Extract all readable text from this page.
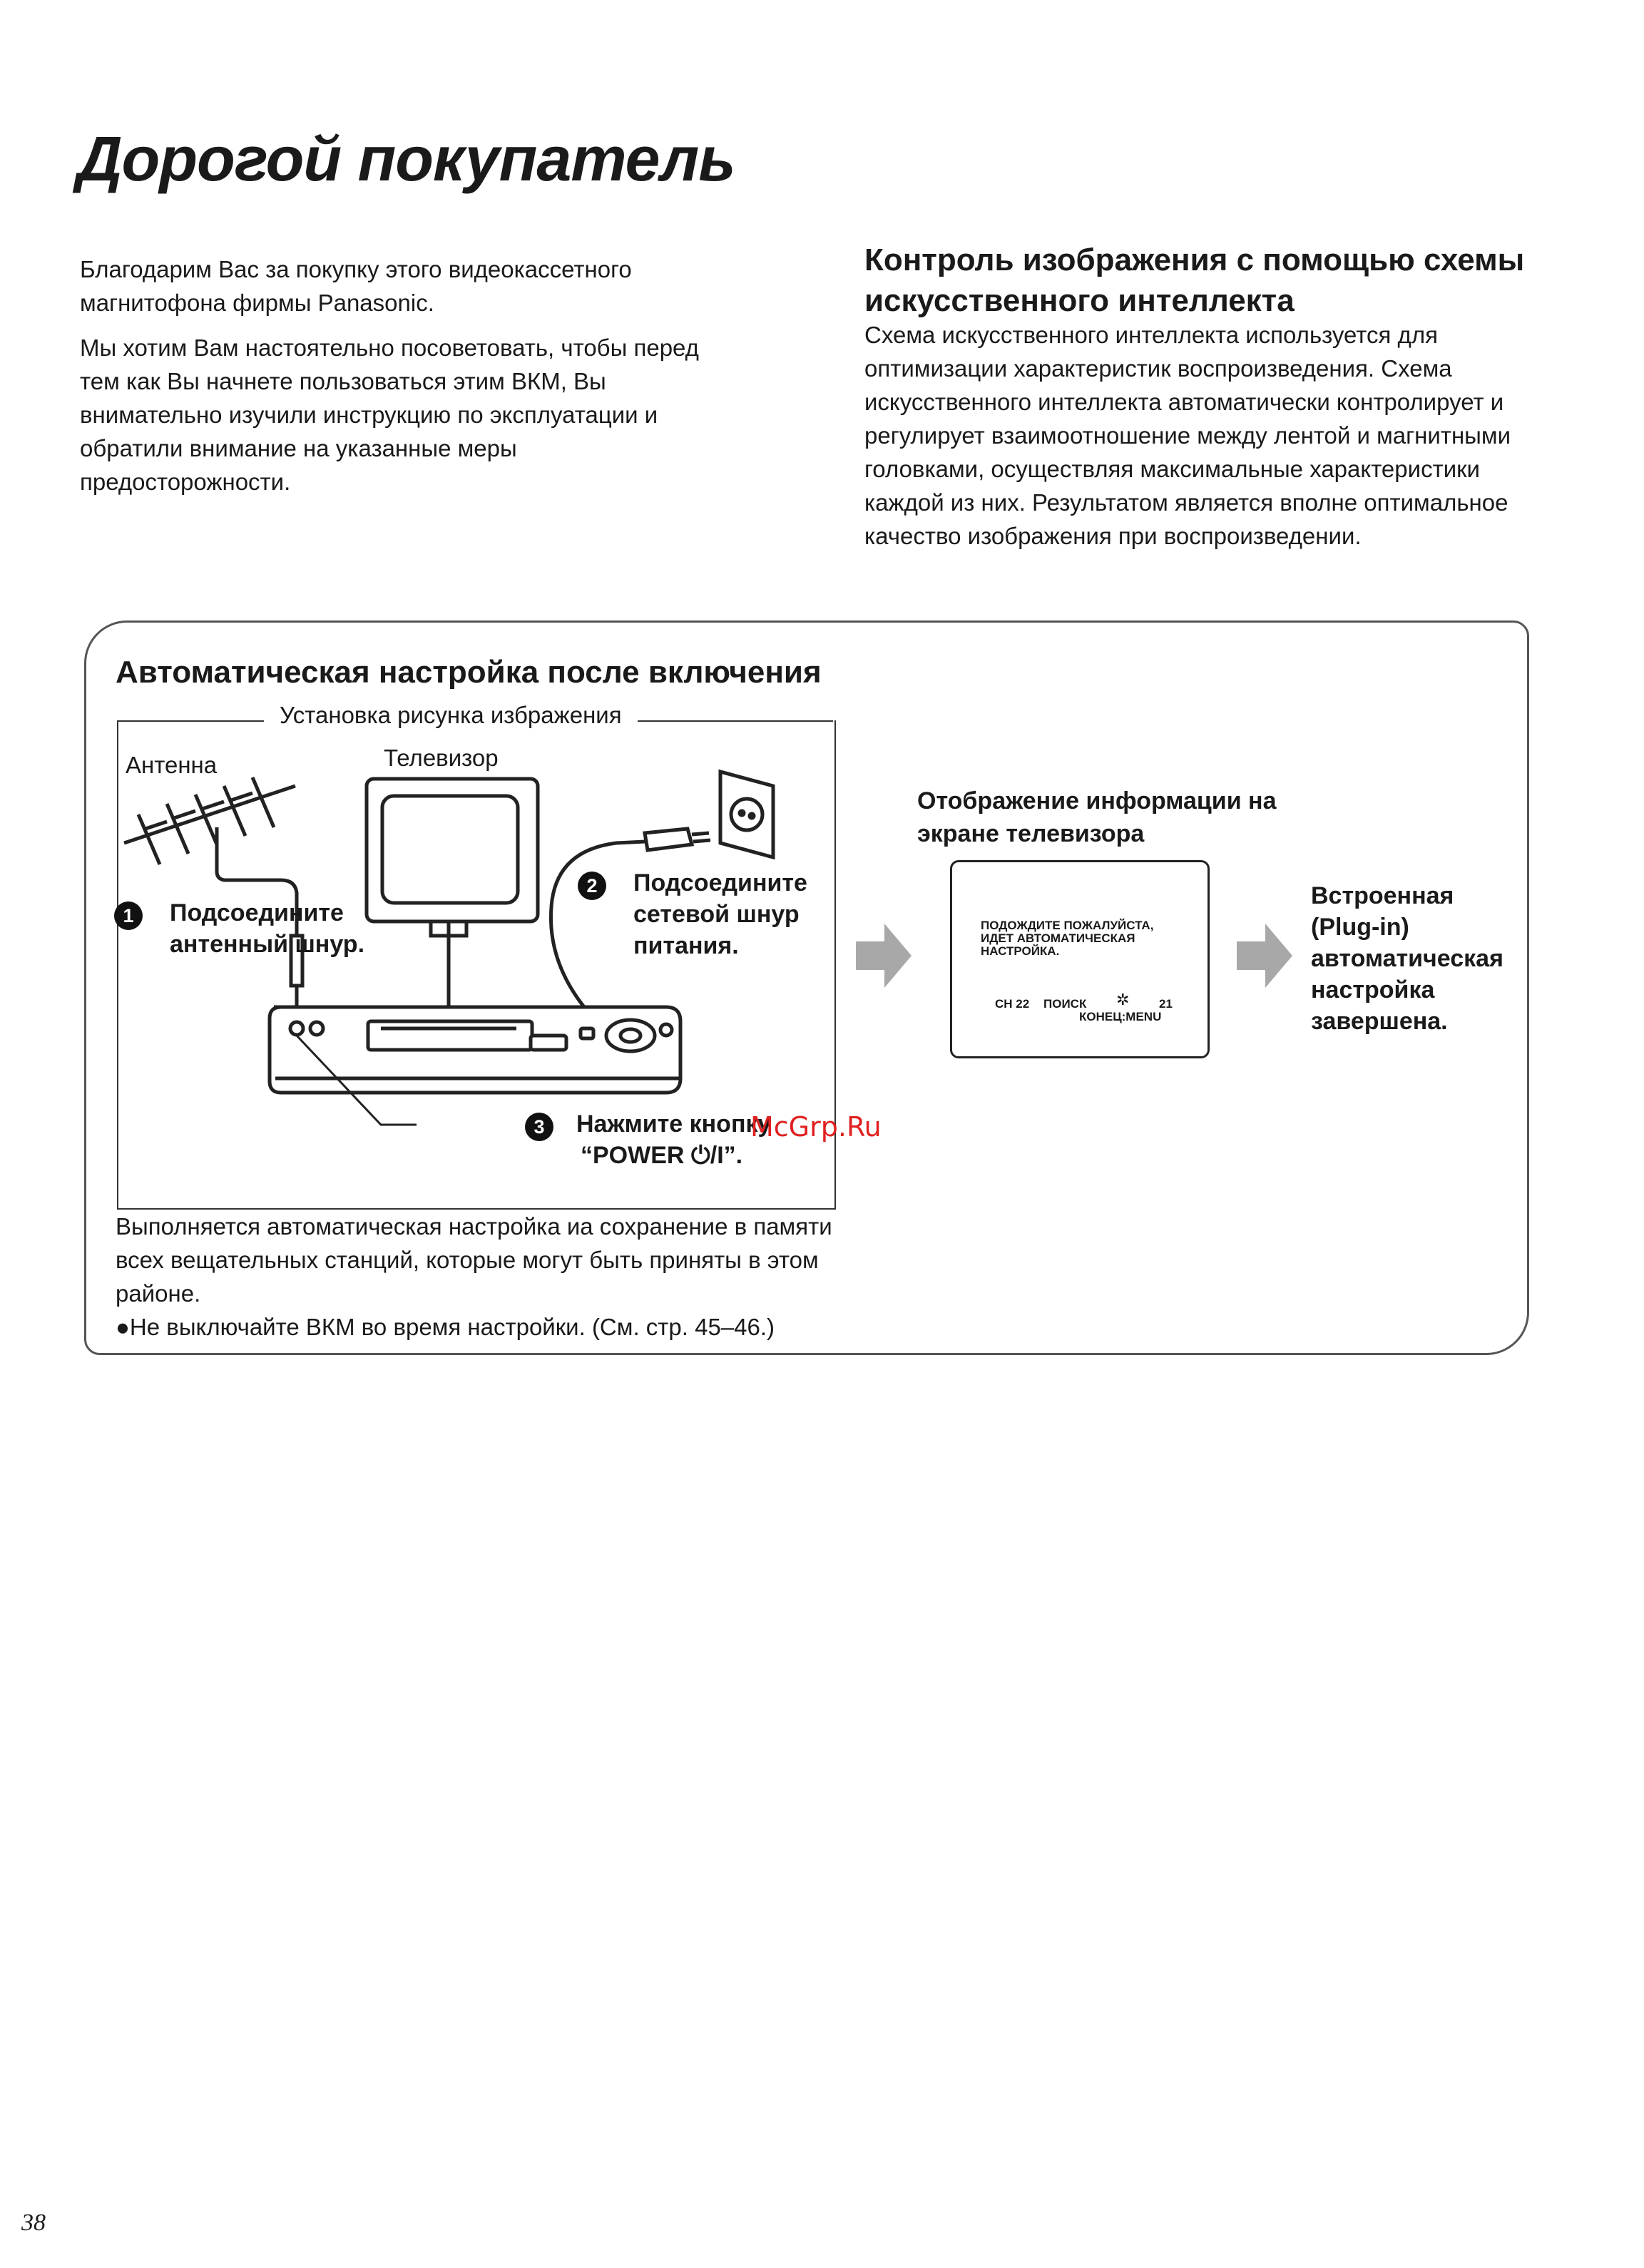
Дорогой покупатель

Благодарим Вас за покупку этого видеокассетного магнитофона фирмы Panasonic.

Мы хотим Вам настоятельно посоветовать, чтобы перед тем как Вы начнете пользоваться этим ВКМ, Вы внимательно изучили инструкцию по эксплуатации и обратили внимание на указанные меры предосторожности.

Контроль изображения с помощью схемы искусственного интеллекта

Схема искусственного интеллекта используется для оптимизации характеристик воспроизведения. Схема искусственного интеллекта автоматически контролирует и регулирует взаимоотношение между лентой и магнитными головками, осуществляя максимальные характеристики каждой из них. Результатом является вполне оптимальное качество изображения при воспроизведении.

Автоматическая настройка после включения
Установка рисунка избражения
Антенна	Телевизор
1 Подсоедините антенный шнур.
2 Подсоедините сетевой шнур питания.
3 Нажмите кнопку
“POWER ⏻/I”.
Отображение информации на экране телевизора
ПОДОЖДИТЕ ПОЖАЛУЙСТА,
ИДЕТ АВТОМАТИЧЕСКАЯ
НАСТРОЙКА.
CH 22 ПОИСК ✲ 21
КОНЕЦ:MENU
Встроенная (Plug-in) автоматическая настройка завершена.
Выполняется автоматическая настройка иа сохранение в памяти всех вещательных станций, которые могут быть приняты в этом районе.
●Не выключайте ВКМ во время настройки. (См. стр. 45–46.)
McGrp.Ru
38
